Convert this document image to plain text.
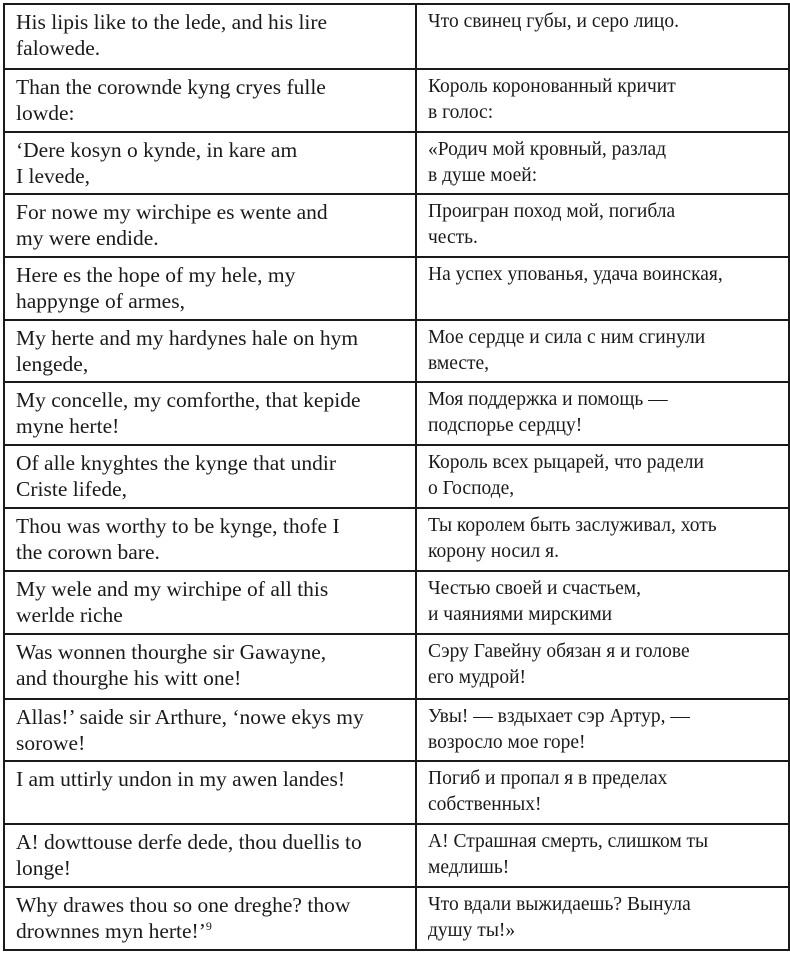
His lipis like to the lede, and his lire
falowede.	Что свинец губы, и серо лицо.

Than the corownde kyng cryes fulle
lowde:	Король коронованный кричит
в голос:

‘Dere kosyn o kynde, in kare am
I levede,	«Родич мой кровный, разлад
в душе моей:

For nowe my wirchipe es wente and
my were endide.	Проигран поход мой, погибла
честь.

Here es the hope of my hele, my
happynge of armes,	На успех упованья, удача воинская,

My herte and my hardynes hale on hym
lengede,	Мое сердце и сила с ним сгинули
вместе,

My concelle, my comforthe, that kepide
myne herte!	Моя поддержка и помощь —
подспорье сердцу!

Of alle knyghtes the kynge that undir
Criste lifede,	Король всех рыцарей, что радели
о Господе,

Thou was worthy to be kynge, thofe I
the corown bare.	Ты королем быть заслуживал, хоть
корону носил я.

My wele and my wirchipe of all this
werlde riche	Честью своей и счастьем,
и чаяниями мирскими

Was wonnen thourghe sir Gawayne,
and thourghe his witt one!	Сэру Гавейну обязан я и голове
его мудрой!

Allas!’ saide sir Arthure, ‘nowe ekys my
sorowe!	Увы! — вздыхает сэр Артур, —
возросло мое горе!

I am uttirly undon in my awen landes!	Погиб и пропал я в пределах
собственных!

A! dowttouse derfe dede, thou duellis to
longe!	А! Страшная смерть, слишком ты
медлишь!

Why drawes thou so one dreghe? thow
drownnes myn herte!’$^9$	Что вдали выжидаешь? Вынула
душу ты!»
